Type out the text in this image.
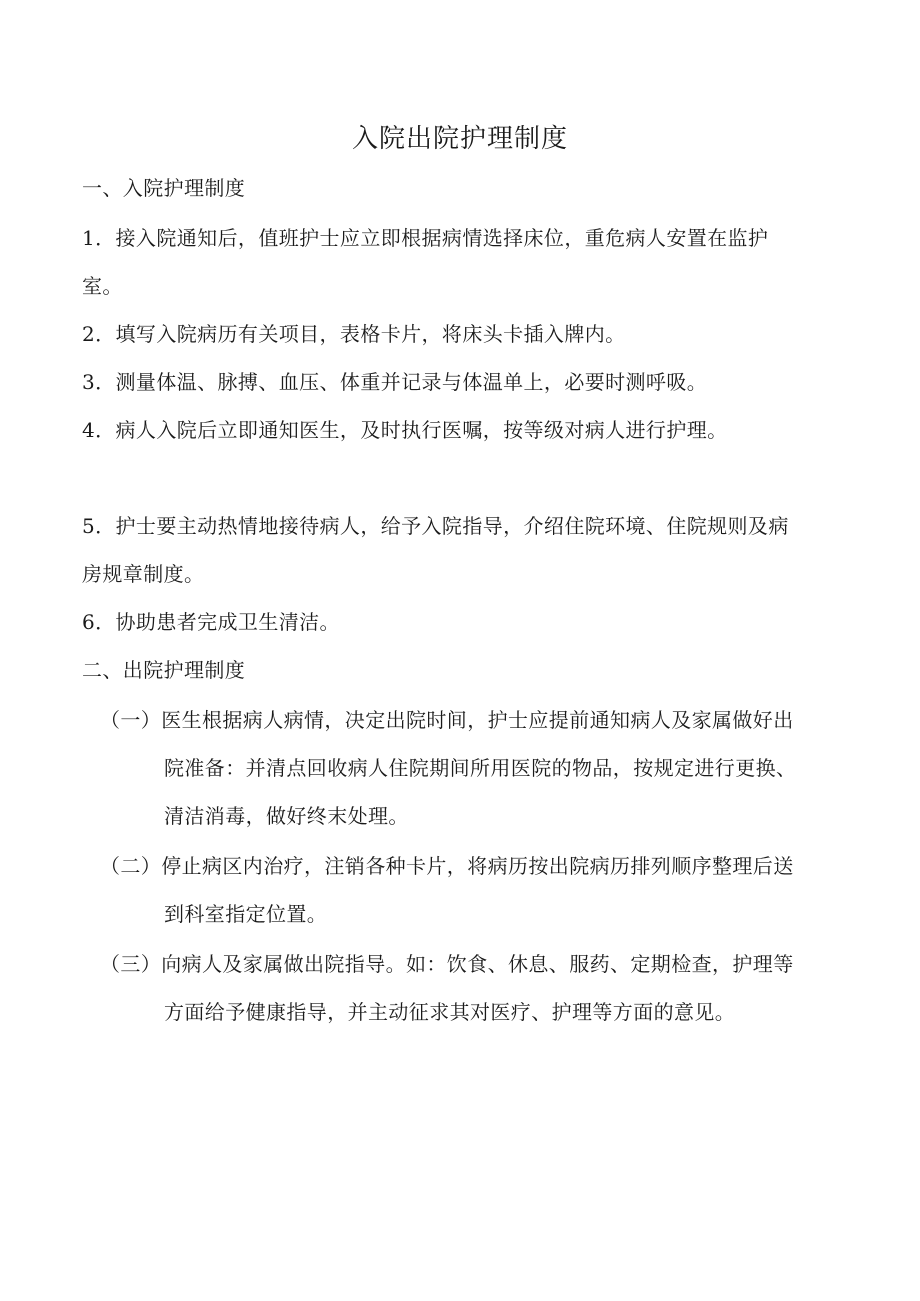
入院出院护理制度
一、入院护理制度
1．接入院通知后，值班护士应立即根据病情选择床位，重危病人安置在监护
室。
2．填写入院病历有关项目，表格卡片，将床头卡插入牌内。
3．测量体温、脉搏、血压、体重并记录与体温单上，必要时测呼吸。
4．病人入院后立即通知医生，及时执行医嘱，按等级对病人进行护理。
5．护士要主动热情地接待病人，给予入院指导，介绍住院环境、住院规则及病
房规章制度。
6．协助患者完成卫生清洁。
二、出院护理制度
（一）医生根据病人病情，决定出院时间，护士应提前通知病人及家属做好出
院准备：并清点回收病人住院期间所用医院的物品，按规定进行更换、
清洁消毒，做好终末处理。
（二）停止病区内治疗，注销各种卡片，将病历按出院病历排列顺序整理后送
到科室指定位置。
（三）向病人及家属做出院指导。如：饮食、休息、服药、定期检查，护理等
方面给予健康指导，并主动征求其对医疗、护理等方面的意见。
